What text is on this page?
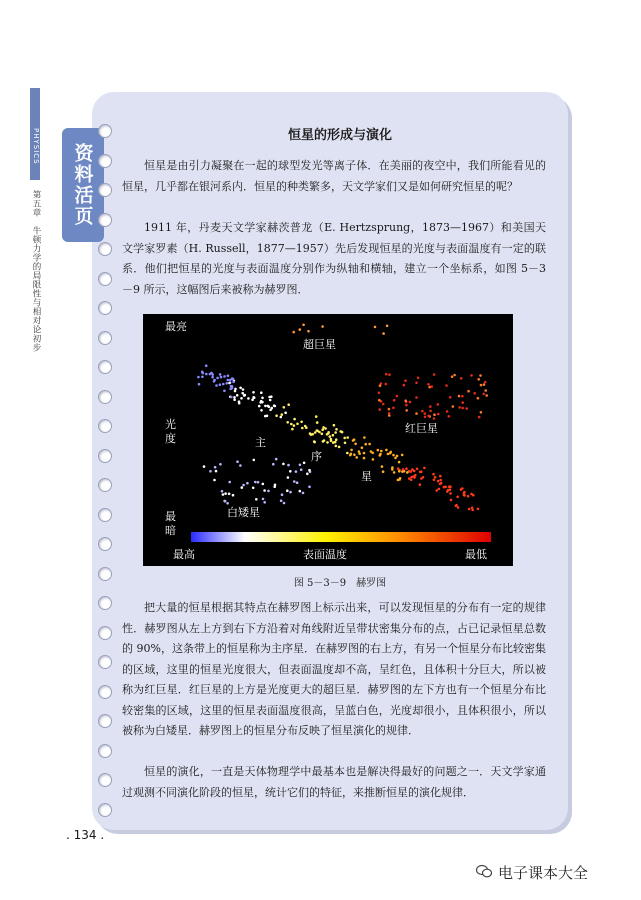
PHYSICS
第五章　牛顿力学的局限性与相对论初步
资料活页
恒星的形成与演化
恒星是由引力凝聚在一起的球型发光等离子体．在美丽的夜空中，我们所能看见的恒星，几乎都在银河系内．恒星的种类繁多，天文学家们又是如何研究恒星的呢？
1911 年，丹麦天文学家赫茨普龙（E. Hertzsprung，1873—1967）和美国天文学家罗素（H. Russell，1877—1957）先后发现恒星的光度与表面温度有一定的联系．他们把恒星的光度与表面温度分别作为纵轴和横轴，建立一个坐标系，如图 5－3－9 所示，这幅图后来被称为赫罗图．
最亮
光度
最暗
最高	表面温度	最低
超巨星
红巨星
主
序
星
白矮星
图 5－3－9　赫罗图
把大量的恒星根据其特点在赫罗图上标示出来，可以发现恒星的分布有一定的规律性．赫罗图从左上方到右下方沿着对角线附近呈带状密集分布的点，占已记录恒星总数的 90%，这条带上的恒星称为主序星．在赫罗图的右上方，有另一个恒星分布比较密集的区域，这里的恒星光度很大，但表面温度却不高，呈红色，且体积十分巨大，所以被称为红巨星．红巨星的上方是光度更大的超巨星．赫罗图的左下方也有一个恒星分布比较密集的区域，这里的恒星表面温度很高，呈蓝白色，光度却很小，且体积很小，所以被称为白矮星．赫罗图上的恒星分布反映了恒星演化的规律．
恒星的演化，一直是天体物理学中最基本也是解决得最好的问题之一．天文学家通过观测不同演化阶段的恒星，统计它们的特征，来推断恒星的演化规律．
. 134 .
电子课本大全
